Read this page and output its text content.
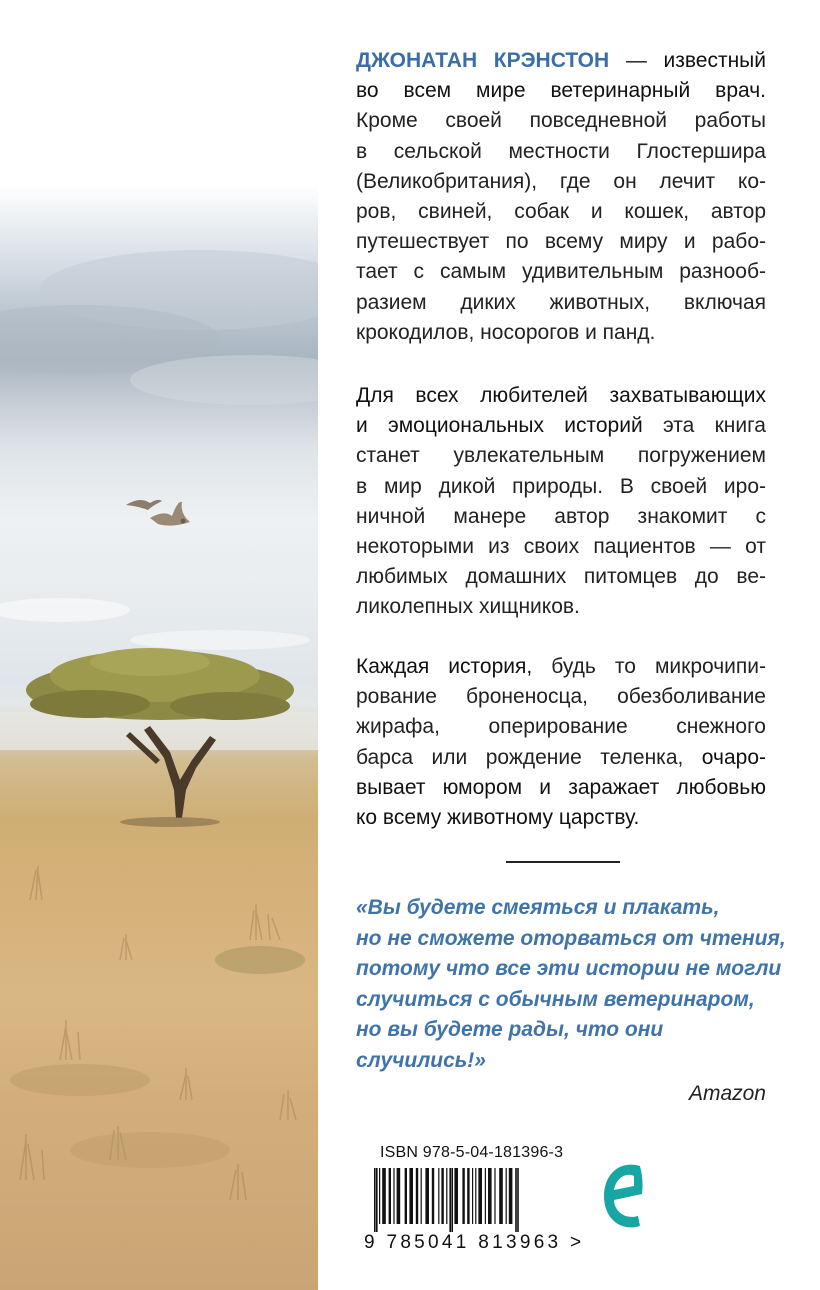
ДЖОНАТАН КРЭНСТОН — известный
во всем мире ветеринарный врач.
Кроме своей повседневной работы
в сельской местности Глостершира
(Великобритания), где он лечит ко-
ров, свиней, собак и кошек, автор
путешествует по всему миру и рабо-
тает с самым удивительным разнооб-
разием диких животных, включая
крокодилов, носорогов и панд.
Для всех любителей захватывающих
и эмоциональных историй эта книга
станет увлекательным погружением
в мир дикой природы. В своей иро-
ничной манере автор знакомит с
некоторыми из своих пациентов — от
любимых домашних питомцев до ве-
ликолепных хищников.
Каждая история, будь то микрочипи-
рование броненосца, обезболивание
жирафа, оперирование снежного
барса или рождение теленка, очаро-
вывает юмором и заражает любовью
ко всему животному царству.
«Вы будете смеяться и плакать,
но не сможете оторваться от чтения,
потому что все эти истории не могли
случиться с обычным ветеринаром,
но вы будете рады, что они
случились!»
Amazon
ISBN 978-5-04-181396-3
9 785041 813963 >
